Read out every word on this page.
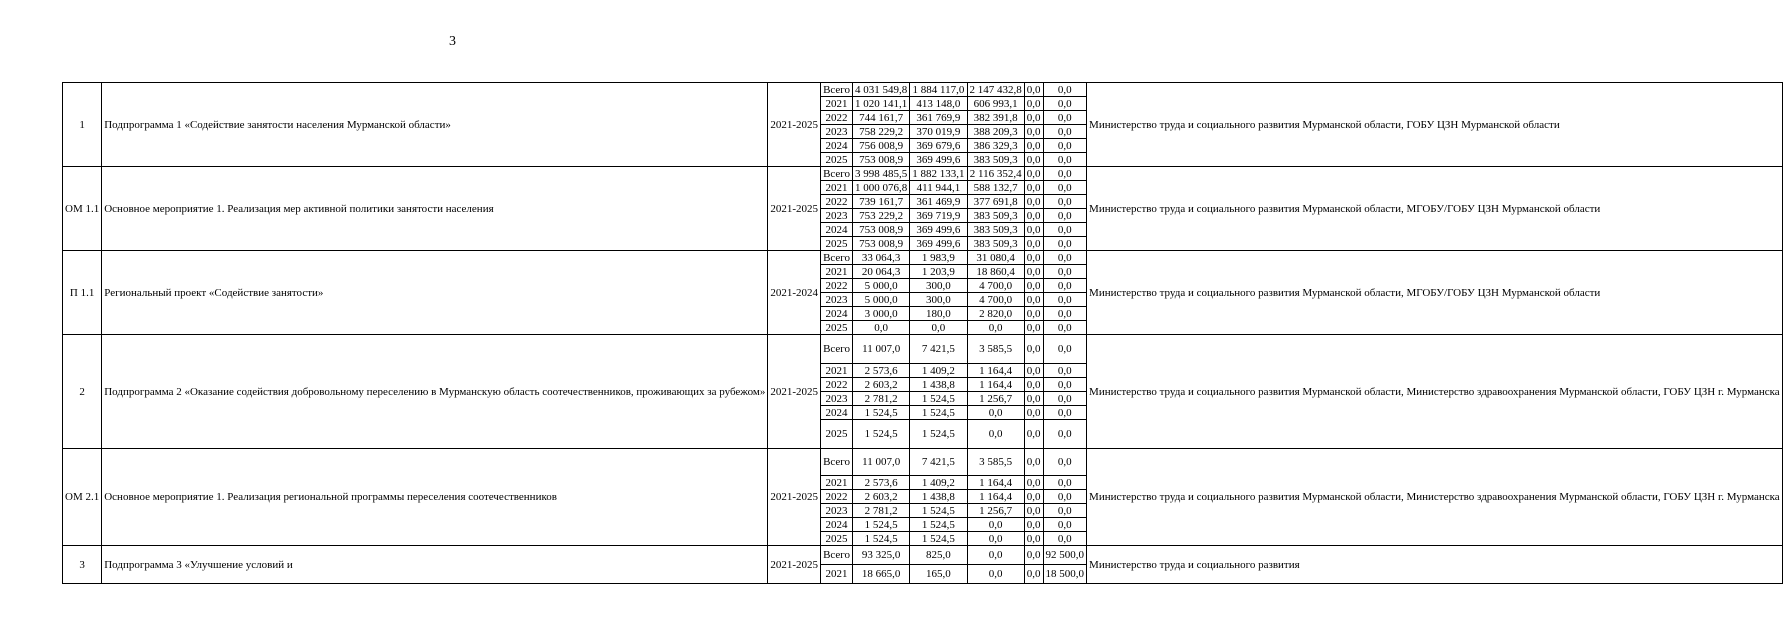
3
1	Подпрограмма 1 «Содействие занятости населения Мурманской области»	2021-2025	Всего	4 031 549,8	1 884 117,0	2 147 432,8	0,0	0,0	Министерство труда и социального развития Мурманской области, ГОБУ ЦЗН Мурманской области
			2021	1 020 141,1	413 148,0	606 993,1	0,0	0,0	
			2022	744 161,7	361 769,9	382 391,8	0,0	0,0	
			2023	758 229,2	370 019,9	388 209,3	0,0	0,0	
			2024	756 008,9	369 679,6	386 329,3	0,0	0,0	
			2025	753 008,9	369 499,6	383 509,3	0,0	0,0	
ОМ 1.1	Основное мероприятие 1. Реализация мер активной политики занятости населения	2021-2025	Всего	3 998 485,5	1 882 133,1	2 116 352,4	0,0	0,0	Министерство труда и социального развития Мурманской области, МГОБУ/ГОБУ ЦЗН Мурманской области
			2021	1 000 076,8	411 944,1	588 132,7	0,0	0,0	
			2022	739 161,7	361 469,9	377 691,8	0,0	0,0	
			2023	753 229,2	369 719,9	383 509,3	0,0	0,0	
			2024	753 008,9	369 499,6	383 509,3	0,0	0,0	
			2025	753 008,9	369 499,6	383 509,3	0,0	0,0	
П 1.1	Региональный проект «Содействие занятости»	2021-2024	Всего	33 064,3	1 983,9	31 080,4	0,0	0,0	Министерство труда и социального развития Мурманской области, МГОБУ/ГОБУ ЦЗН Мурманской области
			2021	20 064,3	1 203,9	18 860,4	0,0	0,0	
			2022	5 000,0	300,0	4 700,0	0,0	0,0	
			2023	5 000,0	300,0	4 700,0	0,0	0,0	
			2024	3 000,0	180,0	2 820,0	0,0	0,0	
			2025	0,0	0,0	0,0	0,0	0,0	
2	Подпрограмма 2 «Оказание содействия добровольному переселению в Мурманскую область соотечественников, проживающих за рубежом»	2021-2025	Всего	11 007,0	7 421,5	3 585,5	0,0	0,0	Министерство труда и социального развития Мурманской области, Министерство здравоохранения Мурманской области, ГОБУ ЦЗН г. Мурманска
			2021	2 573,6	1 409,2	1 164,4	0,0	0,0	
			2022	2 603,2	1 438,8	1 164,4	0,0	0,0	
			2023	2 781,2	1 524,5	1 256,7	0,0	0,0	
			2024	1 524,5	1 524,5	0,0	0,0	0,0	
			2025	1 524,5	1 524,5	0,0	0,0	0,0	
ОМ 2.1	Основное мероприятие 1. Реализация региональной программы переселения соотечественников	2021-2025	Всего	11 007,0	7 421,5	3 585,5	0,0	0,0	Министерство труда и социального развития Мурманской области, Министерство здравоохранения Мурманской области, ГОБУ ЦЗН г. Мурманска
			2021	2 573,6	1 409,2	1 164,4	0,0	0,0	
			2022	2 603,2	1 438,8	1 164,4	0,0	0,0	
			2023	2 781,2	1 524,5	1 256,7	0,0	0,0	
			2024	1 524,5	1 524,5	0,0	0,0	0,0	
			2025	1 524,5	1 524,5	0,0	0,0	0,0	
3	Подпрограмма 3 «Улучшение условий и	2021-2025	Всего	93 325,0	825,0	0,0	0,0	92 500,0	Министерство труда и социального развития
			2021	18 665,0	165,0	0,0	0,0	18 500,0	
